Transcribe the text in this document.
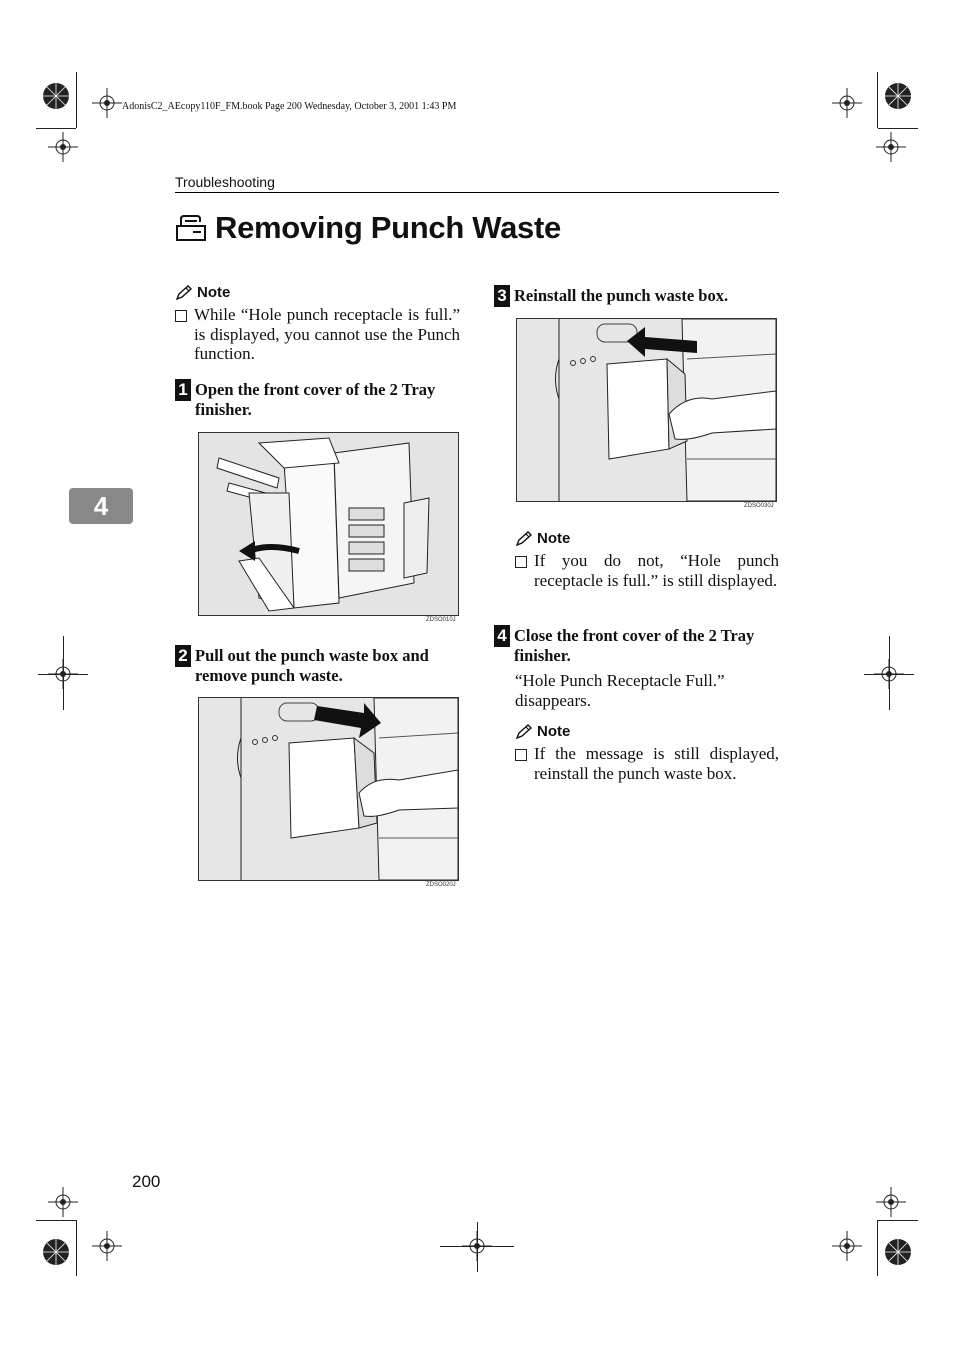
AdonisC2_AEcopy110F_FM.book Page 200 Wednesday, October 3, 2001 1:43 PM
Troubleshooting
Removing Punch Waste
4
Note
While “Hole punch receptacle is full.” is displayed, you cannot use the Punch function.
1 Open the front cover of the 2 Tray finisher.
ZDSO010J
2 Pull out the punch waste box and remove punch waste.
ZDSO020J
3 Reinstall the punch waste box.
ZDSO030J
Note
If you do not, “Hole punch receptacle is full.” is still displayed.
4 Close the front cover of the 2 Tray finisher.
“Hole Punch Receptacle Full.” disappears.
Note
If the message is still displayed, reinstall the punch waste box.
200
